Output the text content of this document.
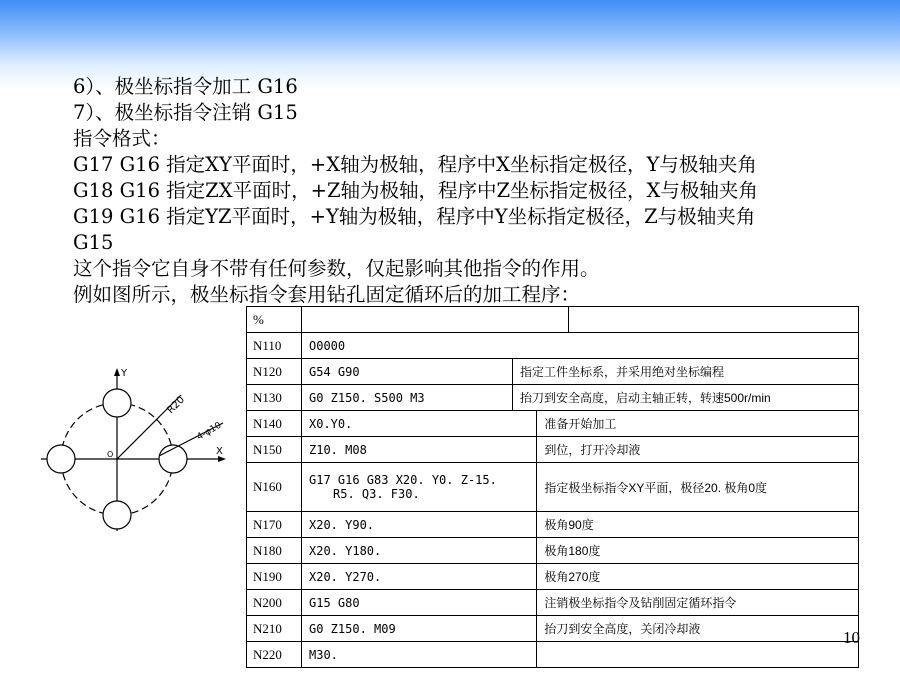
6）、极坐标指令加工 G16
7）、极坐标指令注销 G15
指令格式：
G17 G16 指定XY平面时，+X轴为极轴，程序中X坐标指定极径，Y与极轴夹角
G18 G16 指定ZX平面时，+Z轴为极轴，程序中Z坐标指定极径，X与极轴夹角
G19 G16 指定YZ平面时，+Y轴为极轴，程序中Y坐标指定极径，Z与极轴夹角
G15
这个指令它自身不带有任何参数，仅起影响其他指令的作用。
例如图所示，极坐标指令套用钻孔固定循环后的加工程序：
Y
X
O
R20
4-φ10
%			

N110	O0000		
N120	G54 G90	指定工件坐标系，并采用绝对坐标编程	
N130	G0 Z150. S500 M3	抬刀到安全高度，启动主轴正转，转速500r/min	
N140	X0.Y0.		准备开始加工
N150	Z10. M08		到位，打开冷却液
N160	G17 G16 G83 X20. Y0. Z-15.
R5. Q3. F30.		指定极坐标指令XY平面，极径20. 极角0度
N170	X20. Y90.		极角90度
N180	X20. Y180.		极角180度
N190	X20. Y270.		极角270度
N200	G15 G80		注销极坐标指令及钻削固定循环指令
N210	G0 Z150. M09		抬刀到安全高度，关闭冷却液
N220	M30.		
10
